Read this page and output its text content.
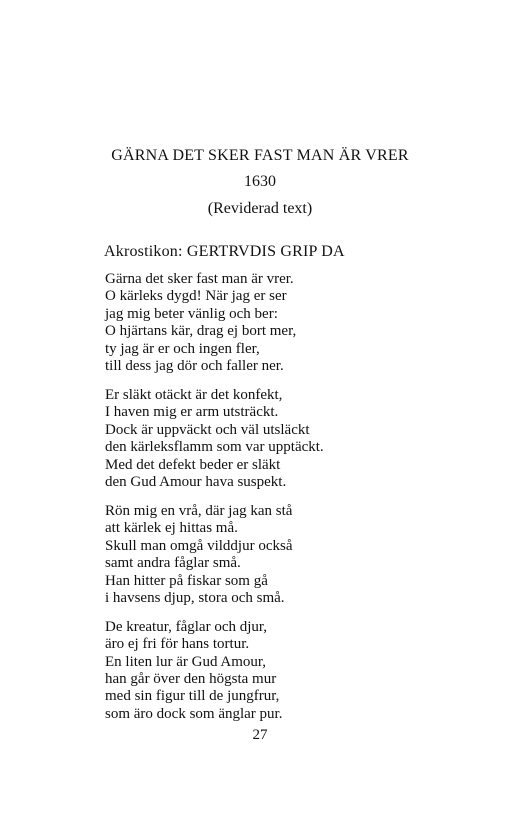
GÄRNA DET SKER FAST MAN ÄR VRER

1630

(Reviderad text)

Akrostikon: GERTRVDIS GRIP DA

Gärna det sker fast man är vrer.
O kärleks dygd! När jag er ser
jag mig beter vänlig och ber:
O hjärtans kär, drag ej bort mer,
ty jag är er och ingen fler,
till dess jag dör och faller ner.
Er släkt otäckt är det konfekt,
I haven mig er arm utsträckt.
Dock är uppväckt och väl utsläckt
den kärleksflamm som var upptäckt.
Med det defekt beder er släkt
den Gud Amour hava suspekt.
Rön mig en vrå, där jag kan stå
att kärlek ej hittas må.
Skull man omgå vilddjur också
samt andra fåglar små.
Han hitter på fiskar som gå
i havsens djup, stora och små.
De kreatur, fåglar och djur,
äro ej fri för hans tortur.
En liten lur är Gud Amour,
han går över den högsta mur
med sin figur till de jungfrur,
som äro dock som änglar pur.

27
